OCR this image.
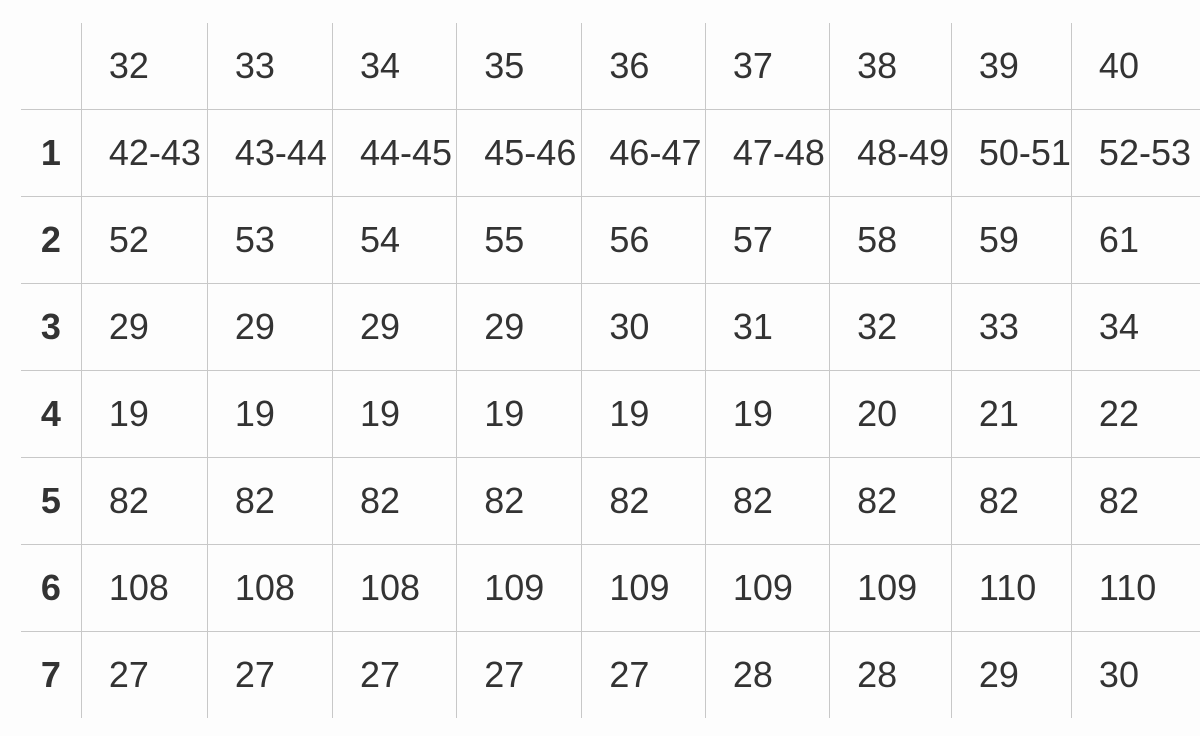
	32	33	34	35	36	37	38	39	40
1	42-43	43-44	44-45	45-46	46-47	47-48	48-49	50-51	52-53
2	52	53	54	55	56	57	58	59	61
3	29	29	29	29	30	31	32	33	34
4	19	19	19	19	19	19	20	21	22
5	82	82	82	82	82	82	82	82	82
6	108	108	108	109	109	109	109	110	110
7	27	27	27	27	27	28	28	29	30
